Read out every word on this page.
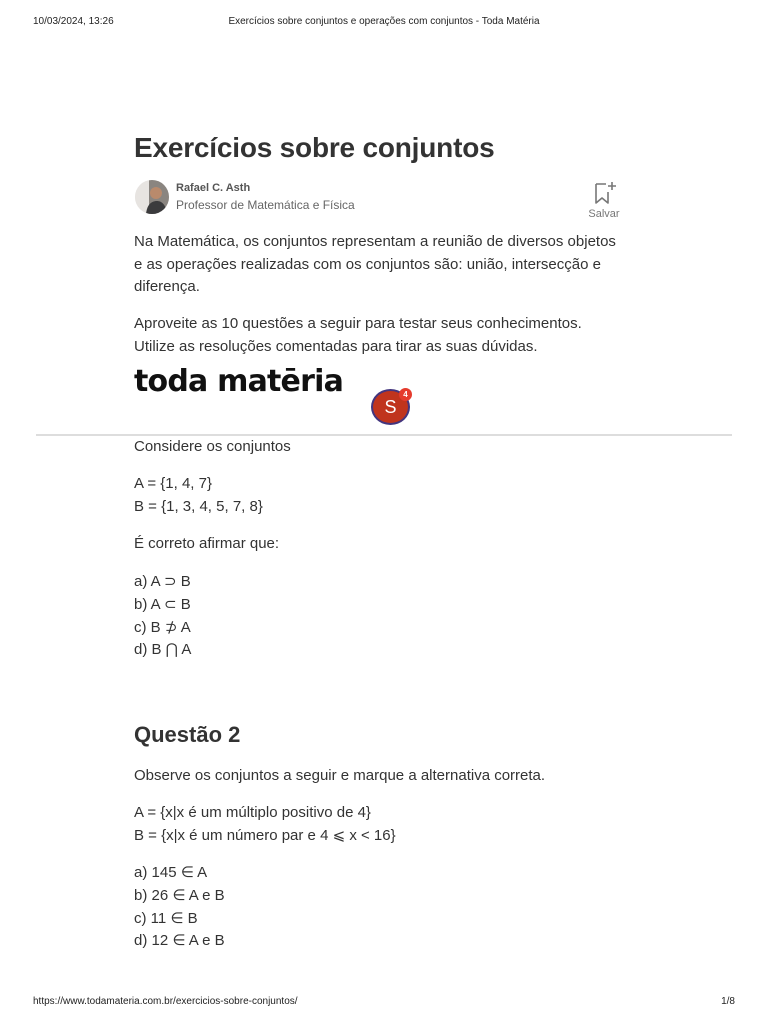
10/03/2024, 13:26	Exercícios sobre conjuntos e operações com conjuntos - Toda Matéria
Exercícios sobre conjuntos
Rafael C. Asth
Professor de Matemática e Física
Salvar

Na Matemática, os conjuntos representam a reunião de diversos objetos e as operações realizadas com os conjuntos são: união, intersecção e diferença.

Aproveite as 10 questões a seguir para testar seus conhecimentos. Utilize as resoluções comentadas para tirar as suas dúvidas.

toda matēria
S
4
Considere os conjuntos
A = {1, 4, 7}
B = {1, 3, 4, 5, 7, 8}
É correto afirmar que:
a) A ⊃ B
b) A ⊂ B
c) B ⊅ A
d) B ⋂ A
Questão 2
Observe os conjuntos a seguir e marque a alternativa correta.
A = {x|x é um múltiplo positivo de 4}
B = {x|x é um número par e 4 ⩽ x < 16}
a) 145 ∈ A
b) 26 ∈ A e B
c) 11 ∈ B
d) 12 ∈ A e B
https://www.todamateria.com.br/exercicios-sobre-conjuntos/	1/8
